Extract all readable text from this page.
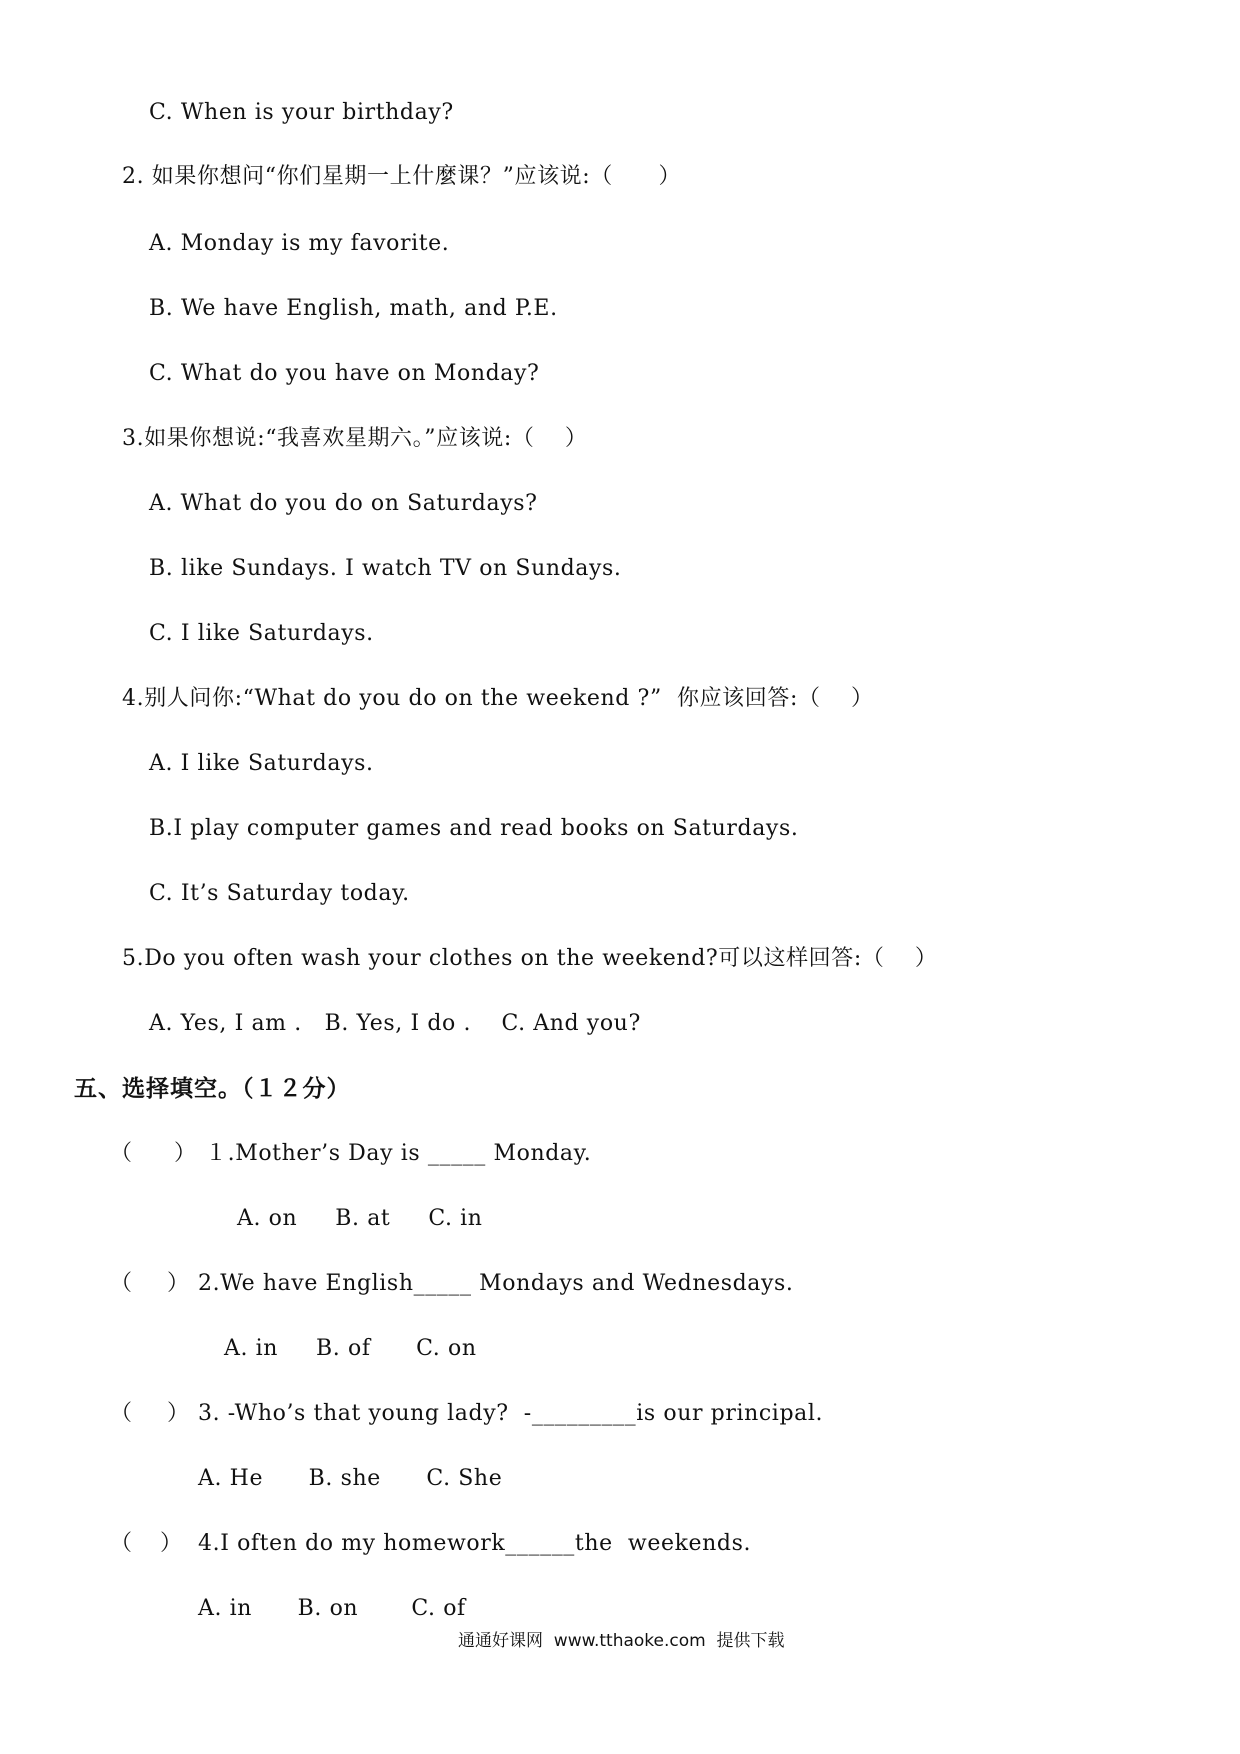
C. When is your birthday?
2. 如果你想问“你们星期一上什麼课？”应该说:（      ）
A. Monday is my favorite.
B. We have English, math, and P.E.
C. What do you have on Monday?
3.如果你想说:“我喜欢星期六。”应该说:（    ）
A. What do you do on Saturdays?
B. like Sundays. I watch TV on Sundays.
C. I like Saturdays.
4.别人问你:“What do you do on the weekend ?”  你应该回答:（    ）
A. I like Saturdays.
B.I play computer games and read books on Saturdays.
C. It’s Saturday today.
5.Do you often wash your clothes on the weekend?可以这样回答:（    ）
A. Yes, I am .   B. Yes, I do .    C. And you?
五、选择填空。（１２分）
（      ） １.Mother’s Day is _____ Monday.
A. on     B. at     C. in
（     ） 2.We have English_____ Mondays and Wednesdays.
A. in     B. of      C. on
（     ） 3. -Who’s that young lady?  -_________is our principal.
A. He      B. she      C. She
（    ） 4.I often do my homework______the  weekends.
A. in      B. on       C. of
通通好课网  www.tthaoke.com  提供下载
